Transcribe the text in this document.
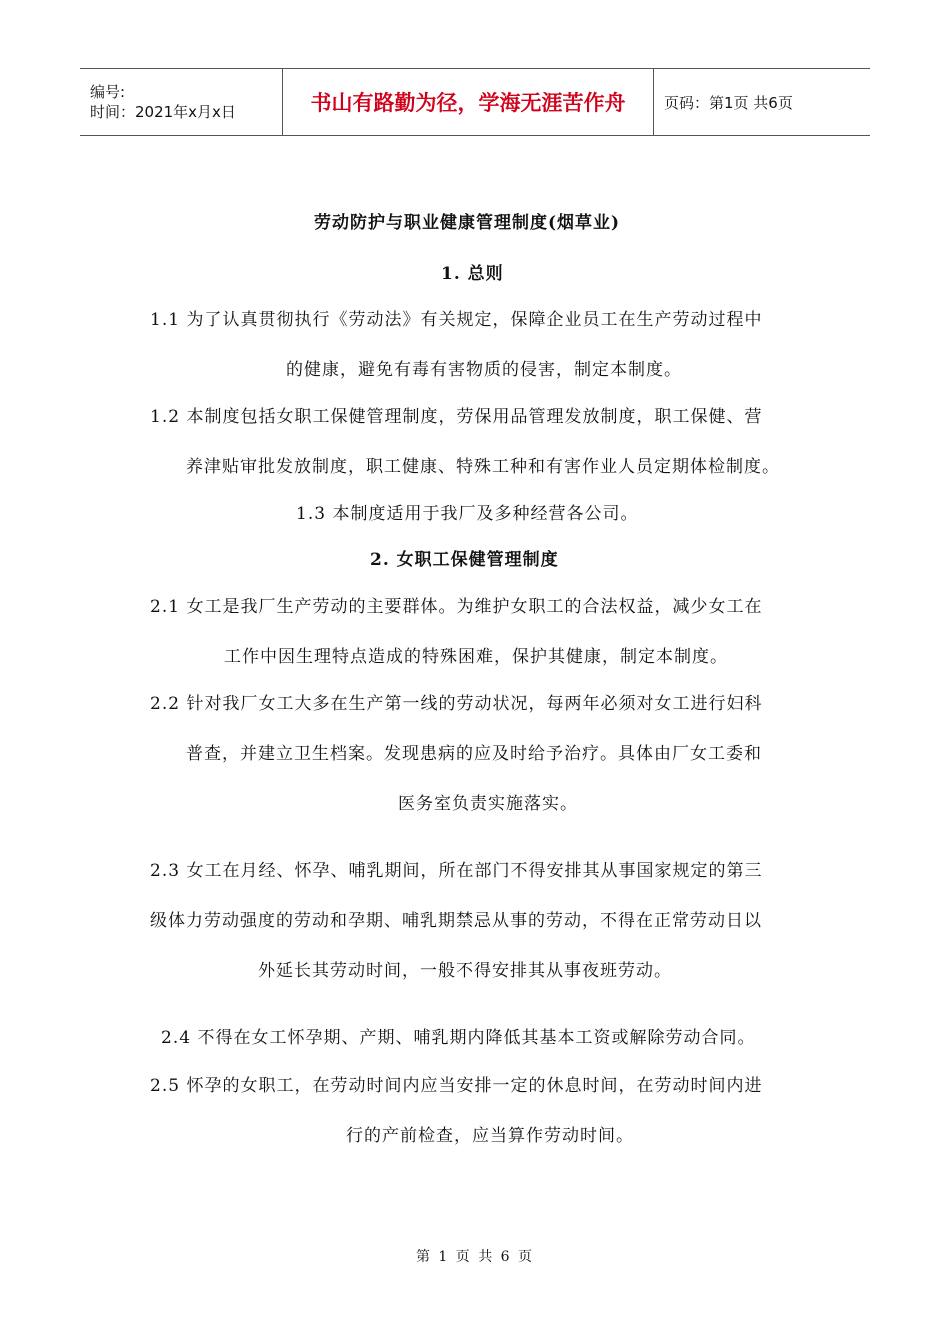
编号:
时间：2021年x月x日	书山有路勤为径，学海无涯苦作舟	页码：第1页 共6页
劳动防护与职业健康管理制度(烟草业)
1. 总则
1.1 为了认真贯彻执行《劳动法》有关规定，保障企业员工在生产劳动过程中
的健康，避免有毒有害物质的侵害，制定本制度。
1.2 本制度包括女职工保健管理制度，劳保用品管理发放制度，职工保健、营
养津贴审批发放制度，职工健康、特殊工种和有害作业人员定期体检制度。
1.3 本制度适用于我厂及多种经营各公司。
2. 女职工保健管理制度
2.1 女工是我厂生产劳动的主要群体。为维护女职工的合法权益，减少女工在
工作中因生理特点造成的特殊困难，保护其健康，制定本制度。
2.2 针对我厂女工大多在生产第一线的劳动状况，每两年必须对女工进行妇科
普查，并建立卫生档案。发现患病的应及时给予治疗。具体由厂女工委和
医务室负责实施落实。
2.3 女工在月经、怀孕、哺乳期间，所在部门不得安排其从事国家规定的第三
级体力劳动强度的劳动和孕期、哺乳期禁忌从事的劳动，不得在正常劳动日以
外延长其劳动时间，一般不得安排其从事夜班劳动。
2.4 不得在女工怀孕期、产期、哺乳期内降低其基本工资或解除劳动合同。
2.5 怀孕的女职工，在劳动时间内应当安排一定的休息时间，在劳动时间内进
行的产前检查，应当算作劳动时间。
第 1 页 共 6 页
